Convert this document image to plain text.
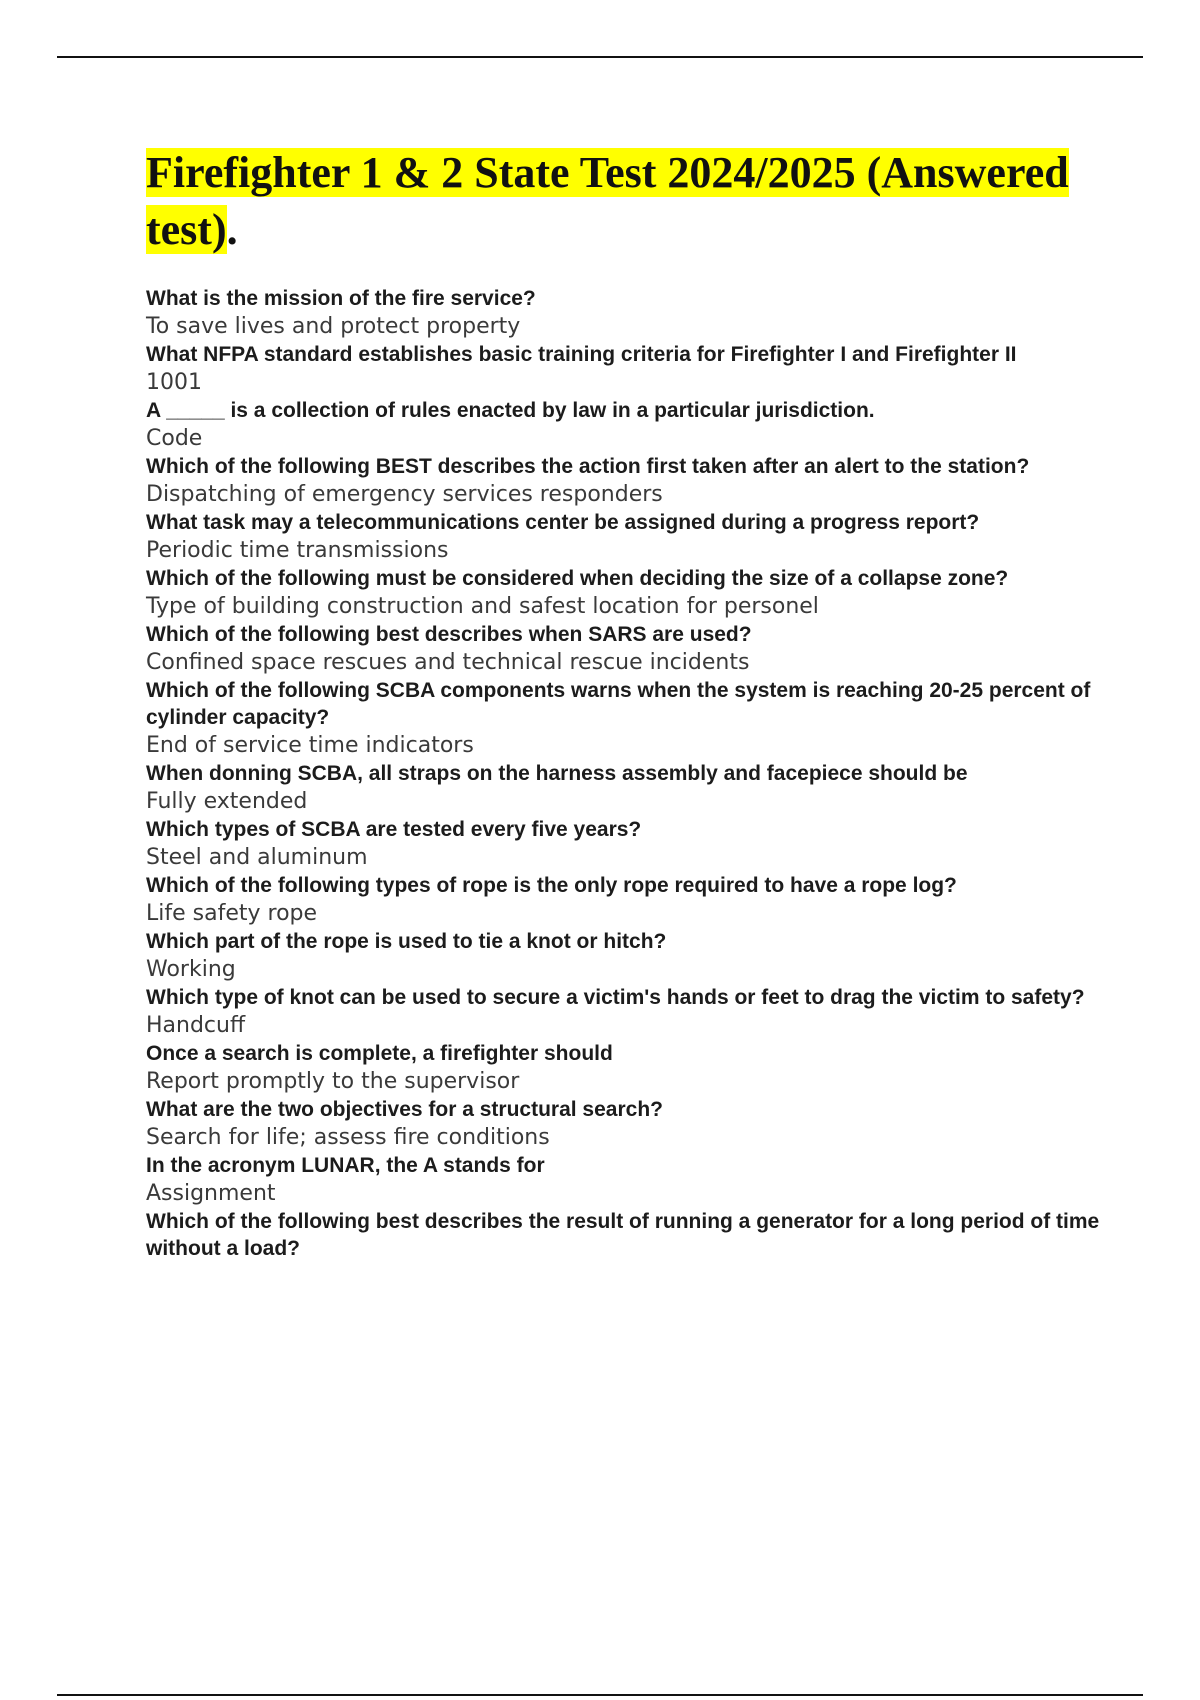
Firefighter 1 & 2 State Test 2024/2025 (Answered test).
What is the mission of the fire service?
To save lives and protect property
What NFPA standard establishes basic training criteria for Firefighter I and Firefighter II
1001
A _____ is a collection of rules enacted by law in a particular jurisdiction.
Code
Which of the following BEST describes the action first taken after an alert to the station?
Dispatching of emergency services responders
What task may a telecommunications center be assigned during a progress report?
Periodic time transmissions
Which of the following must be considered when deciding the size of a collapse zone?
Type of building construction and safest location for personel
Which of the following best describes when SARS are used?
Confined space rescues and technical rescue incidents
Which of the following SCBA components warns when the system is reaching 20-25 percent of cylinder capacity?
End of service time indicators
When donning SCBA, all straps on the harness assembly and facepiece should be
Fully extended
Which types of SCBA are tested every five years?
Steel and aluminum
Which of the following types of rope is the only rope required to have a rope log?
Life safety rope
Which part of the rope is used to tie a knot or hitch?
Working
Which type of knot can be used to secure a victim's hands or feet to drag the victim to safety?
Handcuff
Once a search is complete, a firefighter should
Report promptly to the supervisor
What are the two objectives for a structural search?
Search for life; assess fire conditions
In the acronym LUNAR, the A stands for
Assignment
Which of the following best describes the result of running a generator for a long period of time without a load?
